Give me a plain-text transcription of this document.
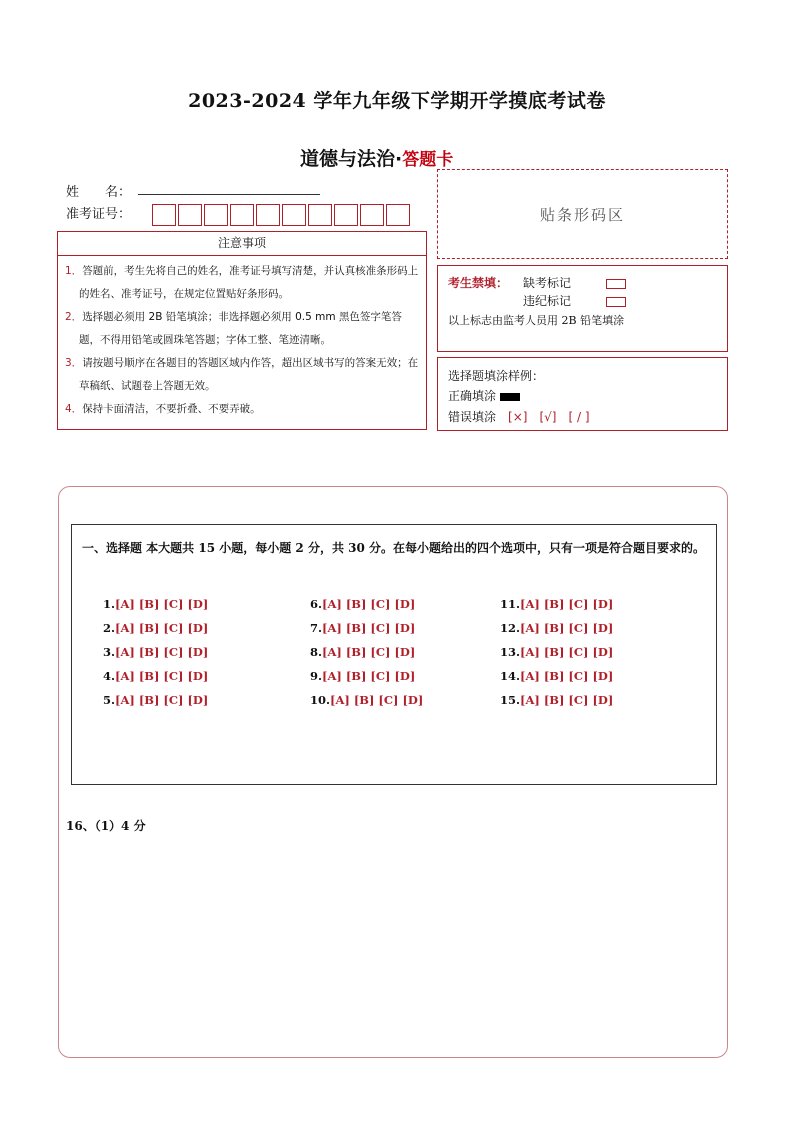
2023-2024 学年九年级下学期开学摸底考试卷
道德与法治·答题卡
姓　　名：
准考证号：	贴条形码区
注意事项
1．答题前，考生先将自己的姓名，准考证号填写清楚，并认真核准条形码上的姓名、准考证号，在规定位置贴好条形码。
2．选择题必须用 2B 铅笔填涂；非选择题必须用 0.5 mm 黑色签字笔答题，不得用铅笔或圆珠笔答题；字体工整、笔迹清晰。
3．请按题号顺序在各题目的答题区域内作答，超出区域书写的答案无效；在草稿纸、试题卷上答题无效。
4．保持卡面清洁，不要折叠、不要弄破。
考生禁填： 缺考标记
违纪标记
以上标志由监考人员用 2B 铅笔填涂
选择题填涂样例：
正确填涂
错误填涂　 [×]　[√]　[ / ]
一、选择题 本大题共 15 小题，每小题 2 分，共 30 分。在每小题给出的四个选项中，只有一项是符合题目要求的。
1.[A] [B] [C] [D]
2.[A] [B] [C] [D]
3.[A] [B] [C] [D]
4.[A] [B] [C] [D]
5.[A] [B] [C] [D]
6.[A] [B] [C] [D]
7.[A] [B] [C] [D]
8.[A] [B] [C] [D]
9.[A] [B] [C] [D]
10.[A] [B] [C] [D]
11.[A] [B] [C] [D]
12.[A] [B] [C] [D]
13.[A] [B] [C] [D]
14.[A] [B] [C] [D]
15.[A] [B] [C] [D]
16、（1）4 分
